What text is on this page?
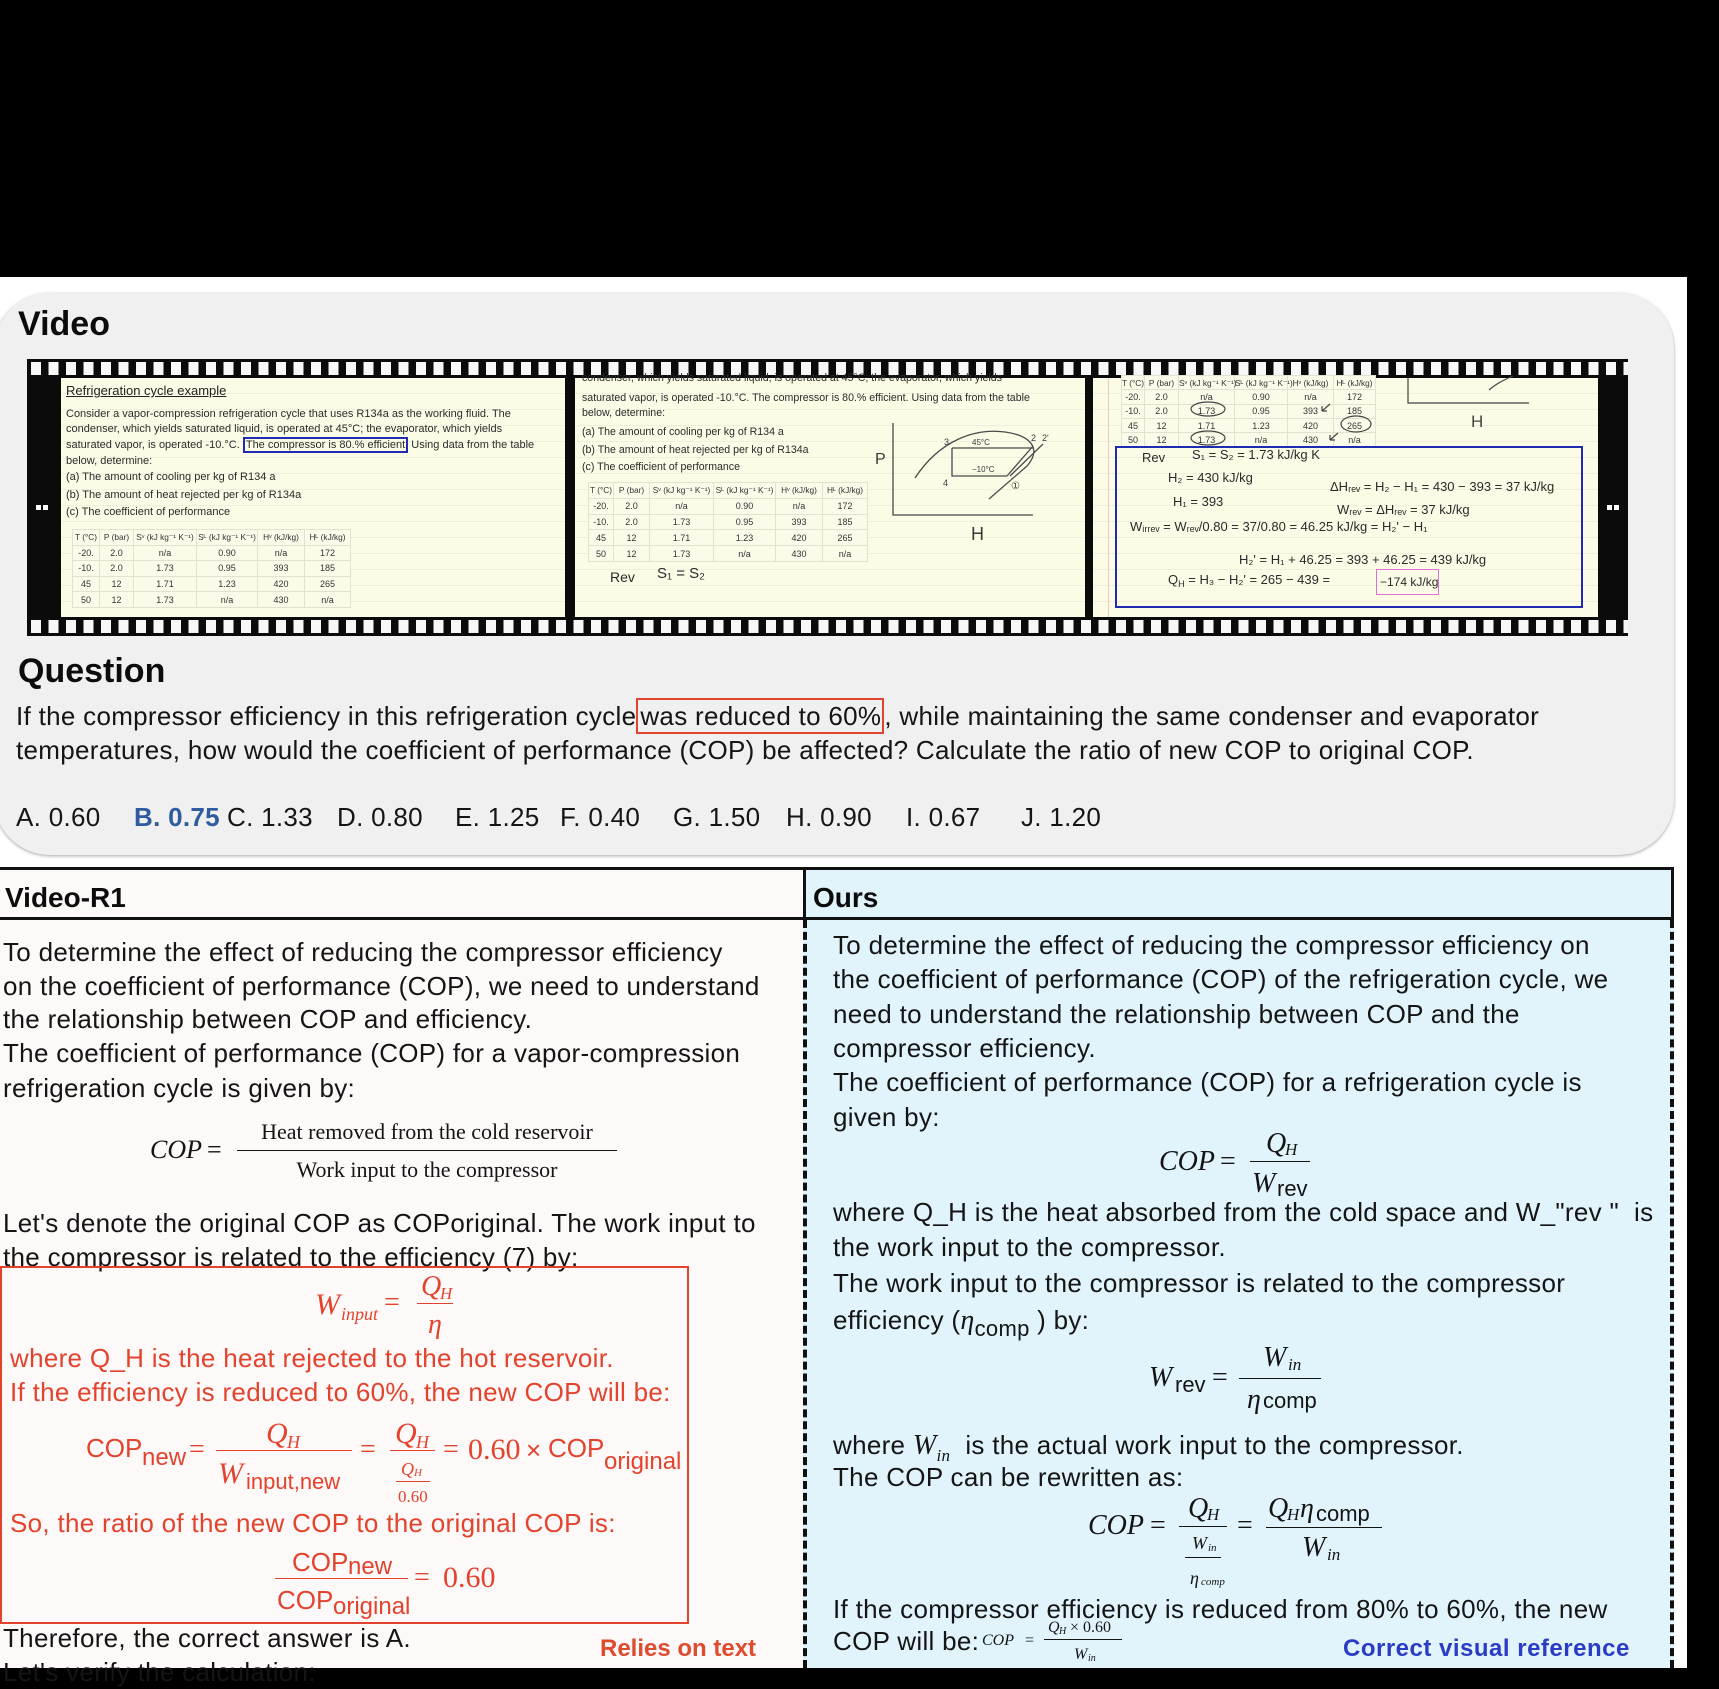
Video
Refrigeration cycle example
Consider a vapor-compression refrigeration cycle that uses R134a as the working fluid. The
condenser, which yields saturated liquid, is operated at 45°C; the evaporator, which yields
saturated vapor, is operated -10.°C. The compressor is 80.% efficient Using data from the table
below, determine:
(a) The amount of cooling per kg of R134 a
(b) The amount of heat rejected per kg of R134a
(c) The coefficient of performance
T (°C)	P (bar)	Sᵛ (kJ kg⁻¹ K⁻¹)	Sᴸ (kJ kg⁻¹ K⁻¹)	Hᵛ (kJ/kg)	Hᴸ (kJ/kg)
-20.	2.0	n/a	0.90	n/a	172
-10.	2.0	1.73	0.95	393	185
45	12	1.71	1.23	420	265
50	12	1.73	n/a	430	n/a
condenser, which yields saturated liquid, is operated at 45°C; the evaporator, which yields
saturated vapor, is operated -10.°C. The compressor is 80.% efficient. Using data from the table
below, determine:
(a) The amount of cooling per kg of R134 a
(b) The amount of heat rejected per kg of R134a
(c) The coefficient of performance
T (°C)	P (bar)	Sᵛ (kJ kg⁻¹ K⁻¹)	Sᴸ (kJ kg⁻¹ K⁻¹)	Hᵛ (kJ/kg)	Hᴸ (kJ/kg)
-20.	2.0	n/a	0.90	n/a	172
-10.	2.0	1.73	0.95	393	185
45	12	1.71	1.23	420	265
50	12	1.73	n/a	430	n/a
Rev S₁ = S₂
P
H
3
4
45°C
−10°C
①
2 2'
T (°C)	P (bar)	Sᵛ (kJ kg⁻¹ K⁻¹)	Sᴸ (kJ kg⁻¹ K⁻¹)	Hᵛ (kJ/kg)	Hᴸ (kJ/kg)
-20.	2.0	n/a	0.90	n/a	172
-10.	2.0	1.73	0.95	393	185
45	12	1.71	1.23	420	265
50	12	1.73	n/a	430	n/a
H
Rev S₁ = S₂ = 1.73 kJ/kg K
H₂ = 430 kJ/kg
ΔHᵣₑᵥ = H₂ − H₁ = 430 − 393 = 37 kJ/kg
H₁ = 393
Wᵣₑᵥ = ΔHᵣₑᵥ = 37 kJ/kg
Wᵢᵣᵣₑᵥ = Wᵣₑᵥ/0.80 = 37/0.80 = 46.25 kJ/kg = H₂' − H₁
H₂' = H₁ + 46.25 = 393 + 46.25 = 439 kJ/kg
$Q_H = H_3 - H_2' = 265 - 439$ =	−174 kJ/kg
Question
If the compressor efficiency in this refrigeration cycle was reduced to 60% , while maintaining the same condenser and evaporator
temperatures, how would the coefficient of performance (COP) be affected? Calculate the ratio of new COP to original COP.
A. 0.60 B. 0.75 C. 1.33 D. 0.80 E. 1.25 F. 0.40 G. 1.50 H. 0.90 I. 0.67 J. 1.20
Video-R1
To determine the effect of reducing the compressor efficiency
on the coefficient of performance (COP), we need to understand
the relationship between COP and efficiency.
The coefficient of performance (COP) for a vapor-compression
refrigeration cycle is given by:
COP =
Heat removed from the cold reservoir
Work input to the compressor
Let's denote the original COP as COPoriginal. The work input to
the compressor is related to the efficiency (7) by:
W input =
Q
H
η
where Q_H is the heat rejected to the hot reservoir.
If the efficiency is reduced to 60%, the new COP will be:
COP new = Q H
W input,new
= Q H
Q H
0.60
= 0.60 × COP original
So, the ratio of the new COP to the original COP is:
COP new
COP original
= 0.60
Therefore, the correct answer is A.	Relies on text
Let's verify the calculation:
Ours
To determine the effect of reducing the compressor efficiency on
the coefficient of performance (COP) of the refrigeration cycle, we
need to understand the relationship between COP and the
compressor efficiency.
The coefficient of performance (COP) for a refrigeration cycle is
given by:
COP =
Q
H
W rev
where Q_H is the heat absorbed from the cold space and W_"rev "  is
the work input to the compressor.
The work input to the compressor is related to the compressor
efficiency ($\eta_{comp}$ ) by:
W rev =
W in
η comp
where $W_{in}$  is the actual work input to the compressor.
The COP can be rewritten as:
COP =
Q
H
W in
η comp
=
Q
H η comp
W in
If the compressor efficiency is reduced from 80% to 60%, the new
COP will be: COP =
Q H × 0.60
W in	Correct visual reference
